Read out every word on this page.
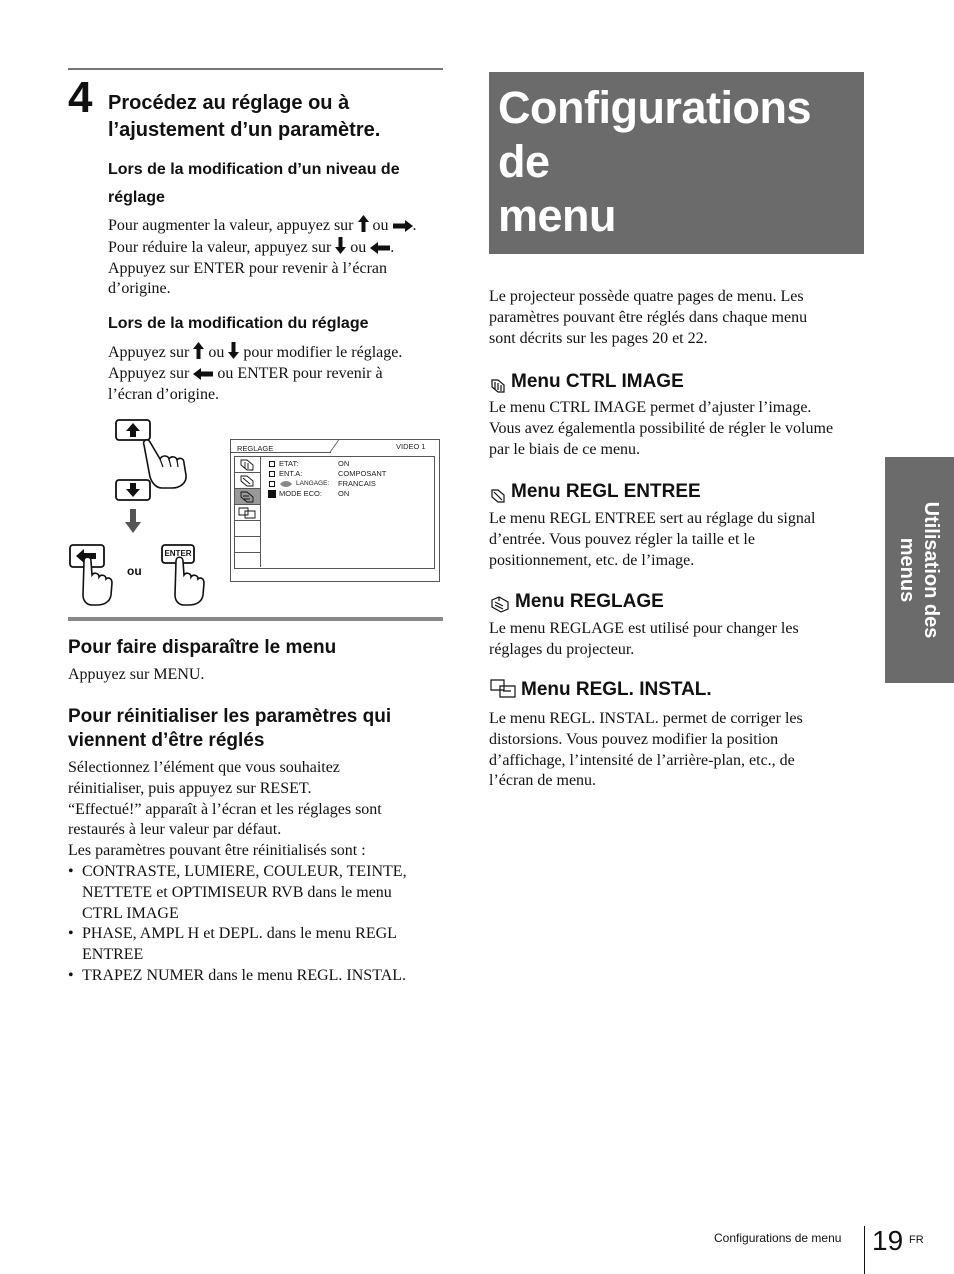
4 Procédez au réglage ou à
l’ajustement d’un paramètre.
Lors de la modification d’un niveau de
réglage

Pour augmenter la valeur, appuyez sur ou .

Pour réduire la valeur, appuyez sur ou .

Appuyez sur ENTER pour revenir à l’écran

d’origine.

Lors de la modification du réglage

Appuyez sur ou pour modifier le réglage.

Appuyez sur ou ENTER pour revenir à

l’écran d’origine.

ou
ENTER
REGLAGE	VIDEO 1
ETAT:	ON
ENT.A:	COMPOSANT
LANGAGE: FRANCAIS
MODE ECO: ON
Pour faire disparaître le menu
Appuyez sur MENU.
Pour réinitialiser les paramètres qui
viennent d’être réglés

Sélectionnez l’élément que vous souhaitez

réinitialiser, puis appuyez sur RESET.

“Effectué!” apparaît à l’écran et les réglages sont

restaurés à leur valeur par défaut.

Les paramètres pouvant être réinitialisés sont :

• CONTRASTE, LUMIERE, COULEUR, TEINTE,
NETTETE et OPTIMISEUR RVB dans le menu
CTRL IMAGE
• PHASE, AMPL H et DEPL. dans le menu REGL
ENTREE
• TRAPEZ NUMER dans le menu REGL. INSTAL.
Configurations de
menu

Le projecteur possède quatre pages de menu. Les

paramètres pouvant être réglés dans chaque menu

sont décrits sur les pages 20 et 22.

Menu CTRL IMAGE

Le menu CTRL IMAGE permet d’ajuster l’image.

Vous avez égalementla possibilité de régler le volume

par le biais de ce menu.

Menu REGL ENTREE

Le menu REGL ENTREE sert au réglage du signal

d’entrée. Vous pouvez régler la taille et le

positionnement, etc. de l’image.

Menu REGLAGE

Le menu REGLAGE est utilisé pour changer les

réglages du projecteur.

Menu REGL. INSTAL.

Le menu REGL. INSTAL. permet de corriger les

distorsions. Vous pouvez modifier la position

d’affichage, l’intensité de l’arrière-plan, etc., de

l’écran de menu.

Utilisation des
menus
Configurations de menu 19 FR
